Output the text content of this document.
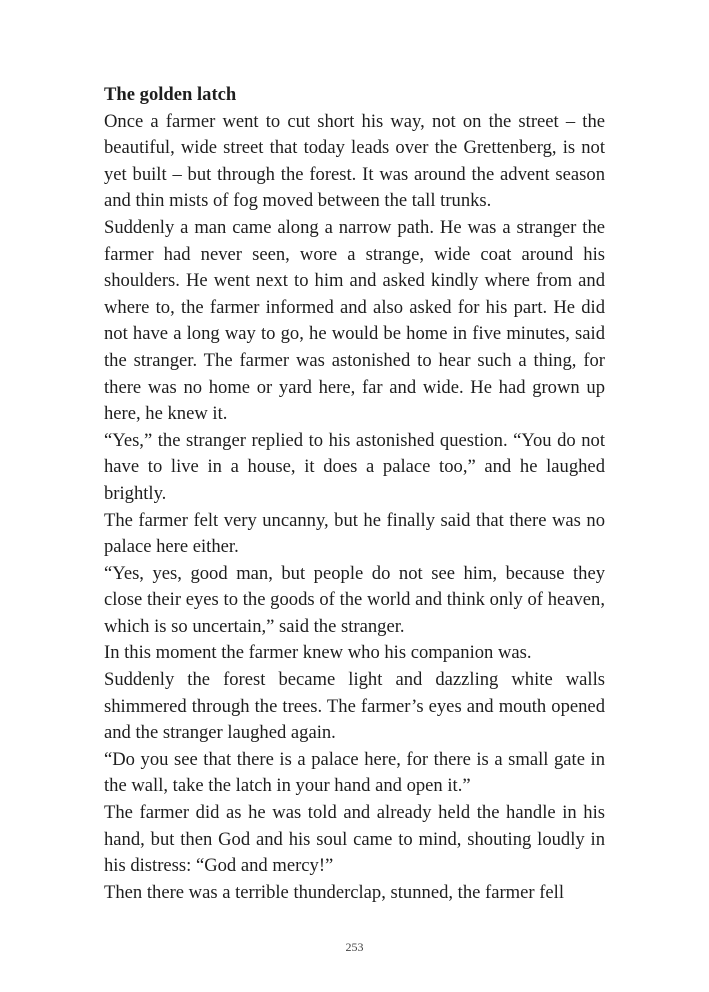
The golden latch

Once a farmer went to cut short his way, not on the street – the beautiful, wide street that today leads over the Grettenberg, is not yet built – but through the forest. It was around the advent season and thin mists of fog moved between the tall trunks.

Suddenly a man came along a narrow path. He was a stranger the farmer had never seen, wore a strange, wide coat around his shoulders. He went next to him and asked kindly where from and where to, the farmer informed and also asked for his part. He did not have a long way to go, he would be home in five minutes, said the stranger. The farmer was astonished to hear such a thing, for there was no home or yard here, far and wide. He had grown up here, he knew it.

“Yes,” the stranger replied to his astonished question. “You do not have to live in a house, it does a palace too,” and he laughed brightly.

The farmer felt very uncanny, but he finally said that there was no palace here either.

“Yes, yes, good man, but people do not see him, because they close their eyes to the goods of the world and think only of heaven, which is so uncertain,” said the stranger.

In this moment the farmer knew who his companion was.

Suddenly the forest became light and dazzling white walls shimmered through the trees. The farmer’s eyes and mouth opened and the stranger laughed again.

“Do you see that there is a palace here, for there is a small gate in the wall, take the latch in your hand and open it.”

The farmer did as he was told and already held the handle in his hand, but then God and his soul came to mind, shouting loudly in his distress: “God and mercy!”

Then there was a terrible thunderclap, stunned, the farmer fell

253
